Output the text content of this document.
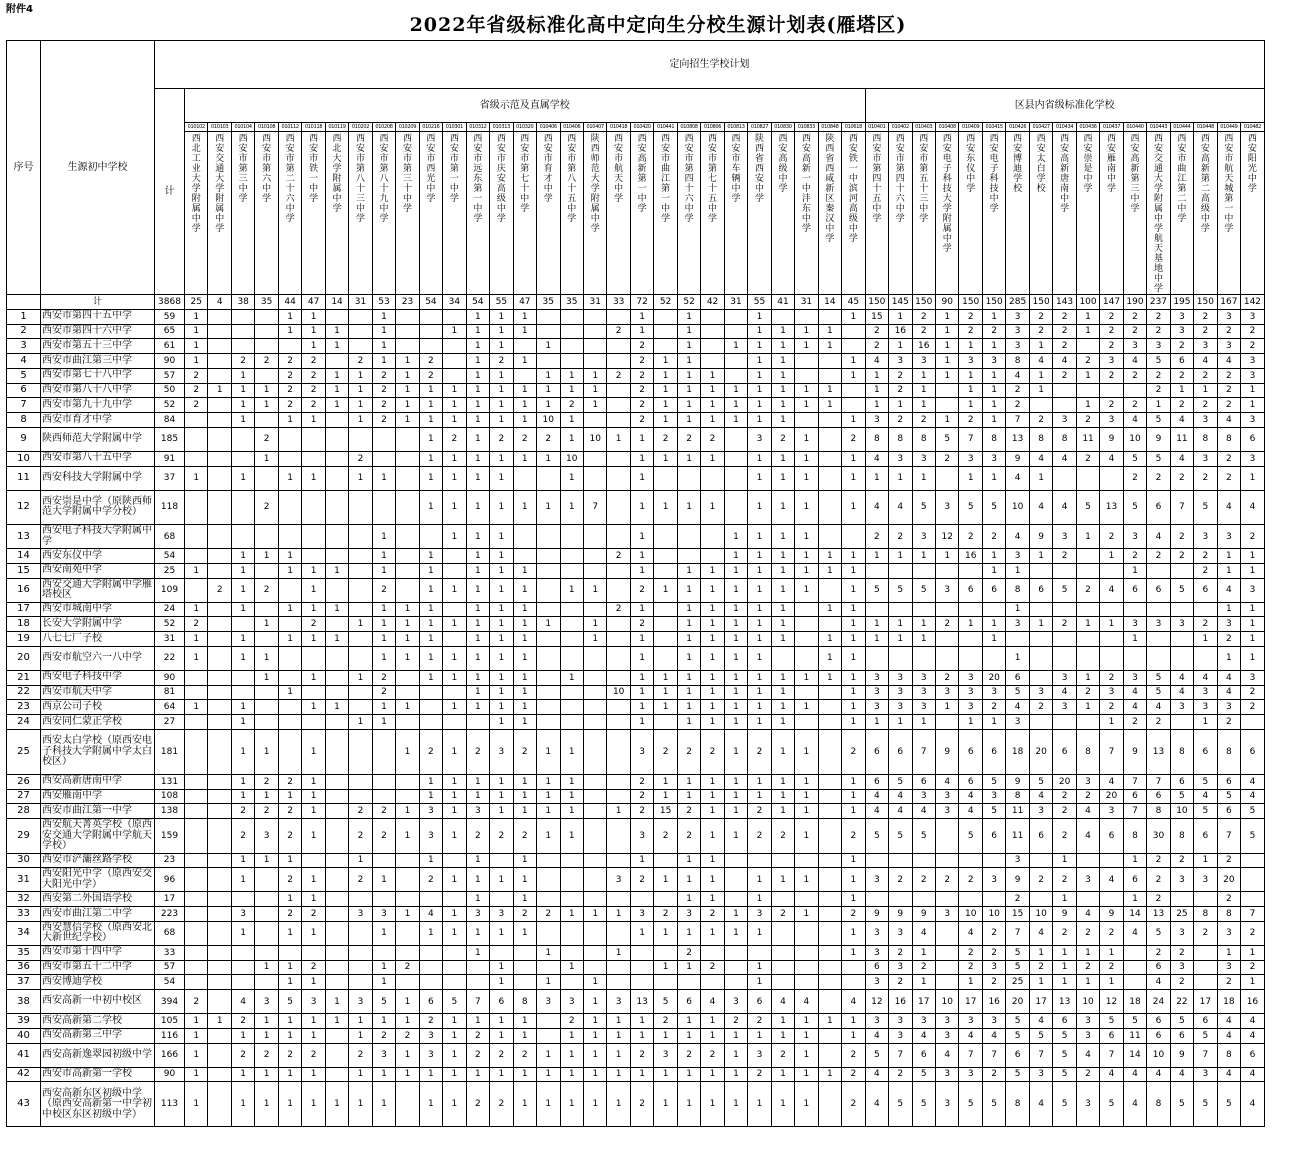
附件4
2022年省级标准化高中定向生分校生源计划表(雁塔区)
序号	生源初中学校	定向招生学校计划																																														
		计	省级示范及直属学校																													区县内省级标准化学校																
			010102	010103	010104	010108	010112	010118	010119	010202	010208	010209	010216	010301	010312	010313	010320	010406	010406	010407	010418	010420	010441	010808	010806	010813	010827	010830	010833	010848	010618	010401	010402	010403	010408	010409	010415	010426	010427	010434	010436	010437	010440	010443	010444	010448	010449	010482
			西北工业大学附属中学	西安交通大学附属中学	西安市第三中学	西安市第六中学	西安市第二十六中学	西安市铁一中学	西北大学附属中学	西安市第八十三中学	西安市第八十九中学	西安市第三十中学	西安市西光中学	西安市第一中学	西安市远东第一中学	西安市庆安高级中学	西安市第七十中学	西安市育才中学	西安市第八十五中学	陕西师范大学附属中学	西安市航天中学	西安高新第一中学	西安市曲江第一中学	西安市第四十六中学	西安市第七十五中学	西安市车辆中学	陕西省西安中学	西安高级中学	西安高新一中沣东中学	陕西省西咸新区秦汉中学	西安铁一中滨河高级中学	西安市第四十五中学	西安市第四十六中学	西安市第五十三中学	西安电子科技大学附属中学	西安东仪中学	西安电子科技中学	西安博迪学校	西安太白学校	西安高新唐南中学	西安崇是中学	西安雁南中学	西安高新第三中学	西安交通大学附属中学航天基地中学	西安市曲江第二中学	西安高新第二高级中学	西安市航天城第一中学	西安阳光中学
	计	3868	25	4	38	35	44	47	14	31	53	23	54	34	54	55	47	35	35	31	33	72	52	52	42	31	55	41	31	14	45	150	145	150	90	150	150	285	150	143	100	147	190	237	195	150	167	142
1	西安市第四十五中学	59	1				1	1			1				1	1	1					1		1			1				1	15	1	2	1	2	1	3	2	2	1	2	2	2	3	2	3	3
2	西安市第四十六中学	65	1				1	1	1		1			1	1	1	1				2	1		1			1	1	1	1		2	16	2	1	2	2	3	2	2	1	2	2	2	3	2	2	2
3	西安市第五十三中学	61	1					1	1		1				1	1		1				2		1		1	1	1	1	1		2	1	16	1	1	1	3	1	2		2	3	3	2	3	3	2
4	西安市曲江第三中学	90	1		2	2	2	2		2	1	1	2		1	2	1					2	1	1			1	1			1	4	3	3	1	3	3	8	4	4	2	3	4	5	6	4	4	3
5	西安市第七十八中学	57	2		1		2	2	1	1	2	1	2		1	1		1	1	1	2	2	1	1	1		1	1			1	1	2	1	1	1	1	4	1	2	1	2	2	2	2	2	2	3
6	西安市第八十八中学	50	2	1	1	1	2	2	1	1	2	1	1	1	1	1	1	1	1	1		2	1	1	1	1	1	1	1	1		1	2	1		1	1	2	1					2	1	1	2	1
7	西安市第九十九中学	52	2		1	1	2	2	1	1	2	1	1	1	1	1	1	1	2	1		2	1	1	1	1	1	1	1	1		1	1	1		1	1	2			1	2	2	1	2	2	2	1
8	西安市育才中学	84			1		1	1		1	2	1	1	1	1	1	1	10	1			2	1	1	1	1	1	1			1	3	2	2	1	2	1	7	2	3	2	3	4	5	4	3	4	3
9	陕西师范大学附属中学	185				2							1	2	1	2	2	2	1	10	1	1	2	2	2		3	2	1		2	8	8	8	5	7	8	13	8	8	11	9	10	9	11	8	8	6
10	西安市第八十五中学	91				1				2			1	1	1	1	1	1	10			1	1	1	1		1	1	1		1	4	3	3	2	3	3	9	4	4	2	4	5	5	4	3	2	3
11	西安科技大学附属中学	37	1		1		1	1		1	1		1	1	1	1			1			1					1	1	1		1	1	1	1		1	1	4	1				2	2	2	2	2	1
12	西安崇是中学（原陕西师范大学附属中学分校）	118				2							1	1	1	1	1	1	1	7		1	1	1	1		1	1	1		1	4	4	5	3	5	5	10	4	4	5	13	5	6	7	5	4	4
13	西安电子科技大学附属中学	68									1			1	1	1						1				1	1	1	1			2	2	3	12	2	2	4	9	3	1	2	3	4	2	3	3	2
14	西安东仪中学	54			1	1	1				1		1		1	1					2	1				1	1	1	1	1	1	1	1	1	1	16	1	3	1	2		1	2	2	2	2	1	1
15	西安南苑中学	25	1		1		1	1	1		1		1		1	1	1					1		1	1	1	1	1	1	1	1						1	1					1			2	1	1
16	西安交通大学附属中学雁塔校区	109		2	1	2		1			2		1	1	1	1	1		1	1		2	1	1	1	1	1	1	1		1	5	5	5	3	6	6	8	6	5	2	4	6	6	5	6	4	3
17	西安市城南中学	24	1		1		1	1	1		1	1	1		1	1	1				2	1		1	1	1	1	1		1	1							1									1	1
18	长安大学附属中学	52	2			1		2		1	1	1	1	1	1	1	1	1		1		2		1	1	1	1	1			1	1	1	1	2	1	1	3	1	2	1	1	3	3	3	2	3	1
19	八七七厂子校	31	1		1		1	1	1		1	1	1		1	1	1			1		1		1	1	1	1	1		1	1	1	1	1			1						1			1	2	1
20	西安市航空六一八中学	22	1		1	1					1	1	1	1	1	1	1					1		1	1	1	1			1	1							1									1	1
21	西安电子科技中学	90				1		1		1	2		1	1	1	1	1		1			1	1	1	1	1	1	1	1	1	1	3	3	3	2	3	20	6		3	1	2	3	5	4	4	4	3
22	西安市航天中学	81					1				2				1	1	1				10	1	1	1	1	1	1	1			1	3	3	3	3	3	3	5	3	4	2	3	4	5	4	3	4	2
23	西京公司子校	64	1		1			1	1		1	1		1	1	1	1					1	1	1	1	1	1	1	1		1	3	3	3	1	3	2	4	2	3	1	2	4	4	3	3	3	2
24	西安同仁蒙正学校	27			1					1	1					1	1					1		1	1	1	1	1			1	1	1	1		1	1	3				1	2	2		1	2	
25	西安太白学校（原西安电子科技大学附属中学太白校区）	181			1	1		1				1	2	1	2	3	2	1	1			3	2	2	2	1	2	1	1		2	6	6	7	9	6	6	18	20	6	8	7	9	13	8	6	8	6
26	西安高新唐南中学	131			1	2	2	1					1	1	1	1	1	1	1			2	1	1	1	1	1	1	1		1	6	5	6	4	6	5	9	5	20	3	4	7	7	6	5	6	4
27	西安雁南中学	108			1	1	1	1					1	1	1	1	1	1	1			2	1	1	1	1	1	1	1		1	4	4	3	3	4	3	8	4	2	2	20	6	6	5	4	5	4
28	西安市曲江第一中学	138			2	2	2	1		2	2	1	3	1	3	1	1	1	1		1	2	15	2	1	1	2	1	1		1	4	4	4	3	4	5	11	3	2	4	3	7	8	10	5	6	5
29	西安航天菁英学校（原西安交通大学附属中学航天学校）	159			2	3	2	1		2	2	1	3	1	2	2	2	1	1			3	2	2	1	1	2	2	1		2	5	5	5		5	6	11	6	2	4	6	8	30	8	6	7	5
30	西安市浐灞丝路学校	23			1	1	1			1			1		1		1					1		1	1						1							3		1			1	2	2	1	2	
31	西安阳光中学（原西安交大阳光中学）	96			1		2	1		2	1		2	1	1	1	1				3	2	1	1	1		1	1	1		1	3	2	2	2	2	3	9	2	2	3	4	6	2	3	3	20	
32	西安第二外国语学校	17					1	1							1		1							1	1		1				1							2		1			1	2			2	
33	西安市曲江第二中学	223			3		2	2		3	3	1	4	1	3	3	2	2	1	1	1	3	2	3	2	1	3	2	1		2	9	9	9	3	10	10	15	10	9	4	9	14	13	25	8	8	7
34	西安慧信学校（原西安北大新世纪学校）	68			1		1	1			1		1	1	1	1	1					1	1	1	1	1	1				1	3	3	4		4	2	7	4	2	2	2	4	5	3	2	3	2
35	西安市第十四中学	33													1			1			1			2							1	3	2	1		2	2	5	1	1	1	1		2	2		1	1
36	西安市第五十二中学	57				1	1	2			1	2				1			1				1	1	2		1					6	3	2		2	3	5	2	1	2	2		6	3		3	2
37	西安博迪学校	54					1	1			1					1		1		1							1					3	2	1		1	2	25	1	1	1	1		4	2		2	1
38	西安高新一中初中校区	394	2		4	3	5	3	1	3	5	1	6	5	7	6	8	3	3	1	3	13	5	6	4	3	6	4	4		4	12	16	17	10	17	16	20	17	13	10	12	18	24	22	17	18	16
39	西安高新第二学校	105	1	1	2	1	1	1	1	1	1	1	2	1	1	1	1		2	1	1	1	2	1	1	2	2	1	1	1	1	3	3	3	3	3	3	5	4	6	3	5	5	6	5	6	4	4
40	西安高新第三中学	116	1		1	1	1	1		1	2	2	3	1	2	1	1		1	1	1	1	1	1	1	1	1	1	1		1	4	3	4	3	4	4	5	5	5	3	6	11	6	6	5	4	4
41	西安高新逸翠园初级中学	166	1		2	2	2	2		2	3	1	3	1	2	2	2	1	1	1	1	2	3	2	2	1	3	2	1		2	5	7	6	4	7	7	6	7	5	4	7	14	10	9	7	8	6
42	西安市高新第一学校	90	1		1	1	1	1		1	1	1	1	1	1	1	1	1	1	1	1	1	1	1	1	1	2	1	1	1	2	4	2	5	3	3	2	5	3	5	2	4	4	4	4	3	4	4
43	西安高新东区初级中学（原西安高新第一中学初中校区东区初级中学）	113	1		1	1	1	1	1	1	1		1	1	2	2	1	1	1	1	1	2	1	1	1	1	1	1	1		2	4	5	5	3	5	5	8	4	5	3	5	4	8	5	5	5	4
